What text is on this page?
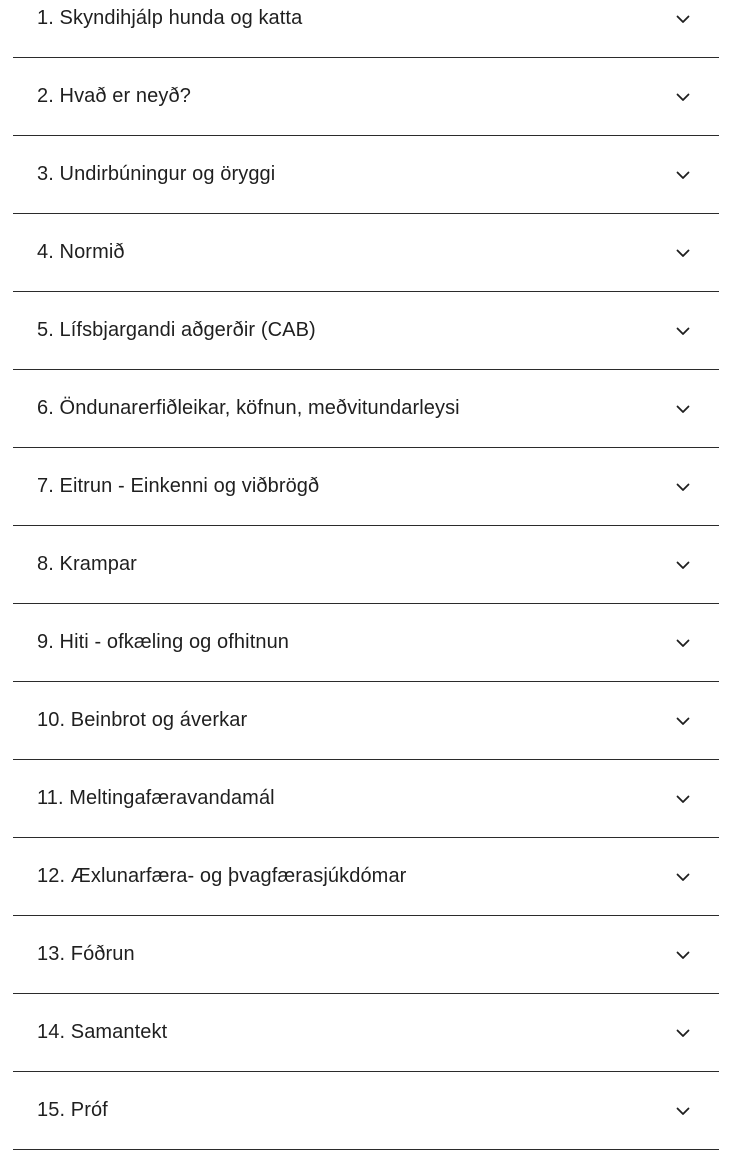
1. Skyndihjálp hunda og katta
2. Hvað er neyð?
3. Undirbúningur og öryggi
4. Normið
5. Lífsbjargandi aðgerðir (CAB)
6. Öndunarerfiðleikar, köfnun, meðvitundarleysi
7. Eitrun - Einkenni og viðbrögð
8. Krampar
9. Hiti - ofkæling og ofhitnun
10. Beinbrot og áverkar
11. Meltingafæravandamál
12. Æxlunarfæra- og þvagfærasjúkdómar
13. Fóðrun
14. Samantekt
15. Próf
